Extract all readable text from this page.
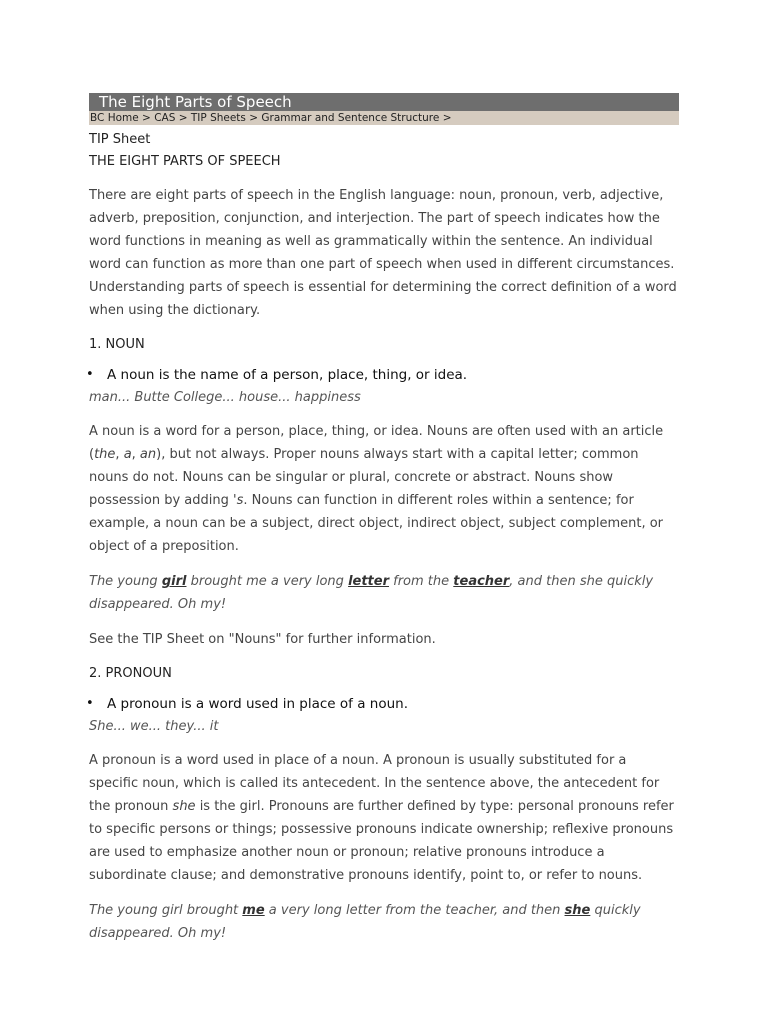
The Eight Parts of Speech
BC Home > CAS > TIP Sheets > Grammar and Sentence Structure >
TIP Sheet
THE EIGHT PARTS OF SPEECH

There are eight parts of speech in the English language: noun, pronoun, verb, adjective, adverb, preposition, conjunction, and interjection. The part of speech indicates how the word functions in meaning as well as grammatically within the sentence. An individual word can function as more than one part of speech when used in different circumstances. Understanding parts of speech is essential for determining the correct definition of a word when using the dictionary.

1. NOUN
• A noun is the name of a person, place, thing, or idea.
man... Butte College... house... happiness

A noun is a word for a person, place, thing, or idea. Nouns are often used with an article (the, a, an), but not always. Proper nouns always start with a capital letter; common nouns do not. Nouns can be singular or plural, concrete or abstract. Nouns show possession by adding 's. Nouns can function in different roles within a sentence; for example, a noun can be a subject, direct object, indirect object, subject complement, or object of a preposition.

The young girl brought me a very long letter from the teacher, and then she quickly disappeared. Oh my!

See the TIP Sheet on "Nouns" for further information.

2. PRONOUN
• A pronoun is a word used in place of a noun.
She... we... they... it

A pronoun is a word used in place of a noun. A pronoun is usually substituted for a specific noun, which is called its antecedent. In the sentence above, the antecedent for the pronoun she is the girl. Pronouns are further defined by type: personal pronouns refer to specific persons or things; possessive pronouns indicate ownership; reflexive pronouns are used to emphasize another noun or pronoun; relative pronouns introduce a subordinate clause; and demonstrative pronouns identify, point to, or refer to nouns.

The young girl brought me a very long letter from the teacher, and then she quickly disappeared. Oh my!
